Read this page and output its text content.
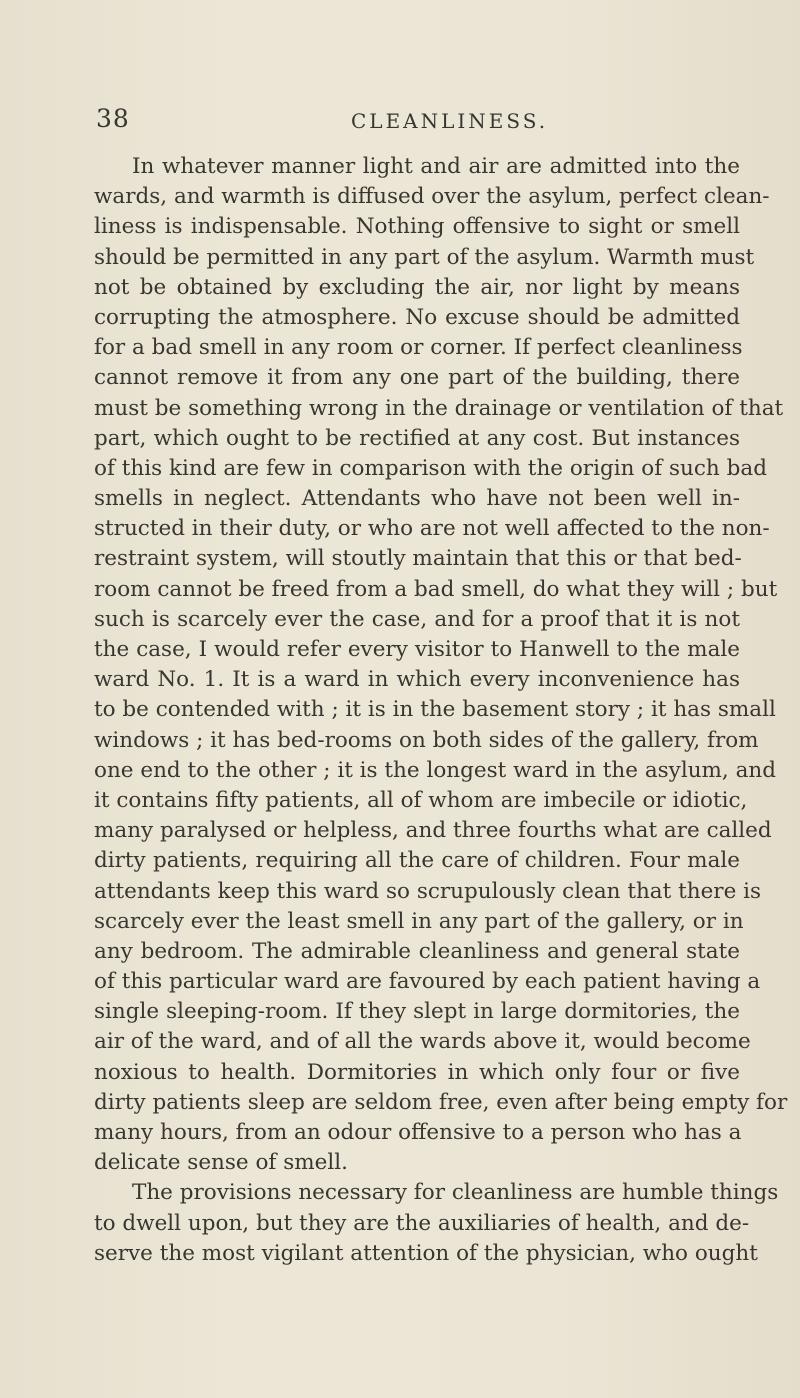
38	CLEANLINESS.
In whatever manner light and air are admitted into the
wards, and warmth is diffused over the asylum, perfect clean-
liness is indispensable. Nothing offensive to sight or smell
should be permitted in any part of the asylum. Warmth must
not be obtained by excluding the air, nor light by means
corrupting the atmosphere. No excuse should be admitted
for a bad smell in any room or corner. If perfect cleanliness
cannot remove it from any one part of the building, there
must be something wrong in the drainage or ventilation of that
part, which ought to be rectified at any cost. But instances
of this kind are few in comparison with the origin of such bad
smells in neglect. Attendants who have not been well in-
structed in their duty, or who are not well affected to the non-
restraint system, will stoutly maintain that this or that bed-
room cannot be freed from a bad smell, do what they will ; but
such is scarcely ever the case, and for a proof that it is not
the case, I would refer every visitor to Hanwell to the male
ward No. 1. It is a ward in which every inconvenience has
to be contended with ; it is in the basement story ; it has small
windows ; it has bed-rooms on both sides of the gallery, from
one end to the other ; it is the longest ward in the asylum, and
it contains fifty patients, all of whom are imbecile or idiotic,
many paralysed or helpless, and three fourths what are called
dirty patients, requiring all the care of children. Four male
attendants keep this ward so scrupulously clean that there is
scarcely ever the least smell in any part of the gallery, or in
any bedroom. The admirable cleanliness and general state
of this particular ward are favoured by each patient having a
single sleeping-room. If they slept in large dormitories, the
air of the ward, and of all the wards above it, would become
noxious to health. Dormitories in which only four or five
dirty patients sleep are seldom free, even after being empty for
many hours, from an odour offensive to a person who has a
delicate sense of smell.
The provisions necessary for cleanliness are humble things
to dwell upon, but they are the auxiliaries of health, and de-
serve the most vigilant attention of the physician, who ought
